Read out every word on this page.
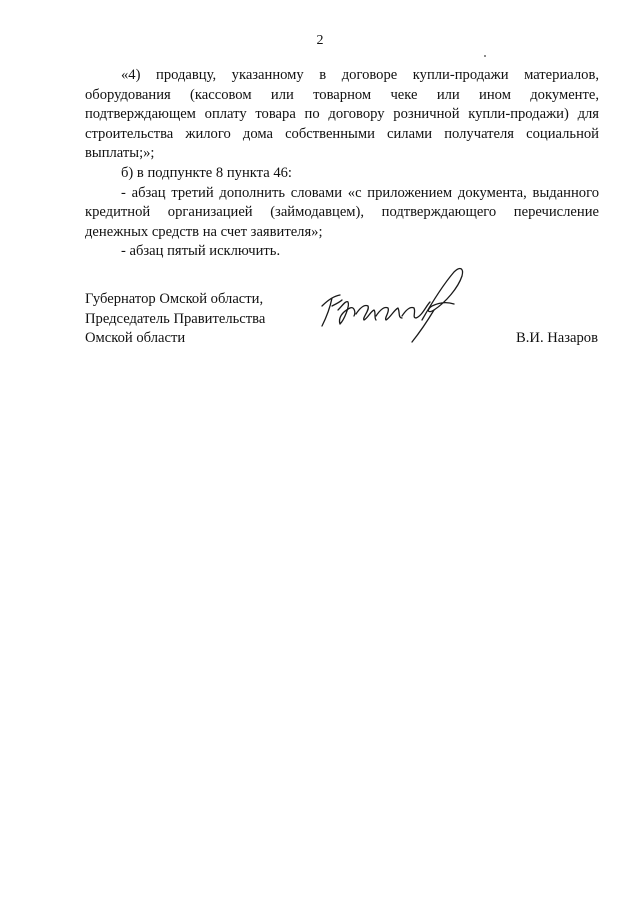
2

«4) продавцу, указанному в договоре купли-продажи материалов, оборудования (кассовом или товарном чеке или ином документе, подтверждающем оплату товара по договору розничной купли-продажи) для строительства жилого дома собственными силами получателя социальной выплаты;»;

б) в подпункте 8 пункта 46:

- абзац третий дополнить словами «с приложением документа, выданного кредитной организацией (займодавцем), подтверждающего перечисление денежных средств на счет заявителя»;

- абзац пятый исключить.

Губернатор Омской области,
Председатель Правительства
Омской области	В.И. Назаров
